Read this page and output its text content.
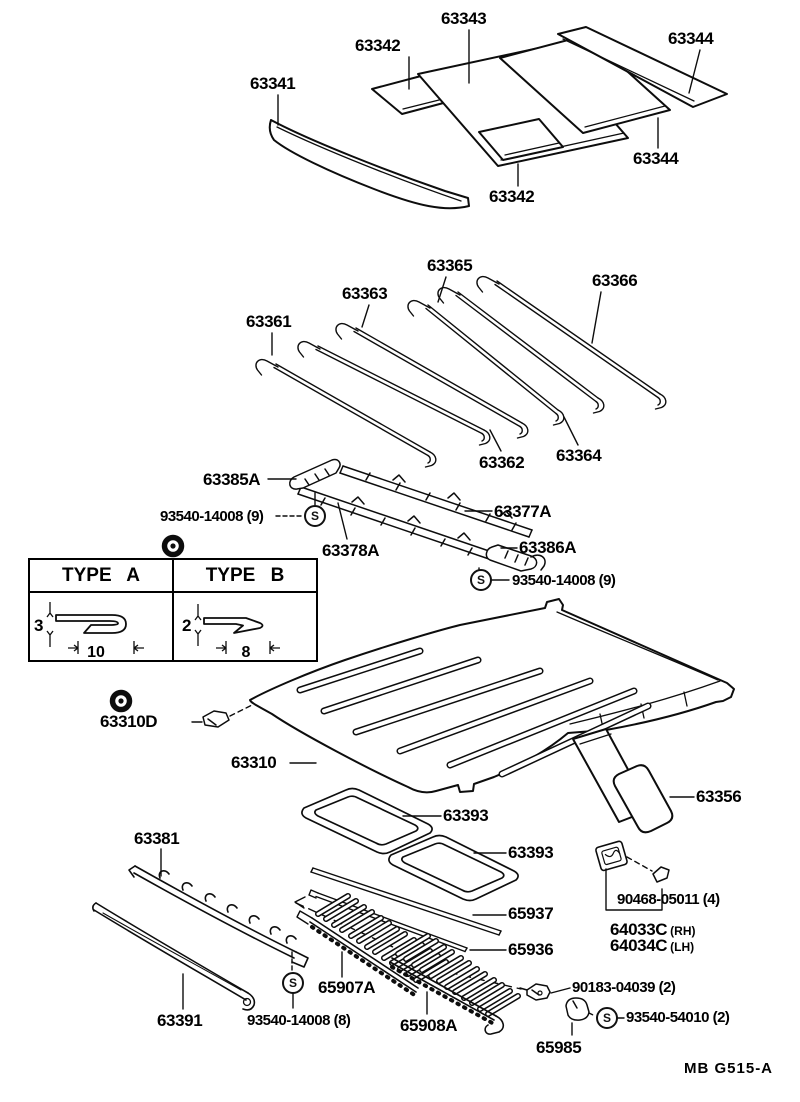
63343
63342	63344
63341
63344
63342
63365
63366
63363
63361
63362 63364
63385A
93540-14008 (9)	63377A
63378A	63386A
93540-14008 (9)
63310D
63310
63356
63393
63393
63381
90468-05011 (4)
64033C (RH)
64034C (LH)
65937
65936
65907A
65908A
63391	93540-14008 (8)
90183-04039 (2)
93540-54010 (2)
65985
MB G515-A
S
S
S
S
TYPE A	TYPE B
3
10
2
8
